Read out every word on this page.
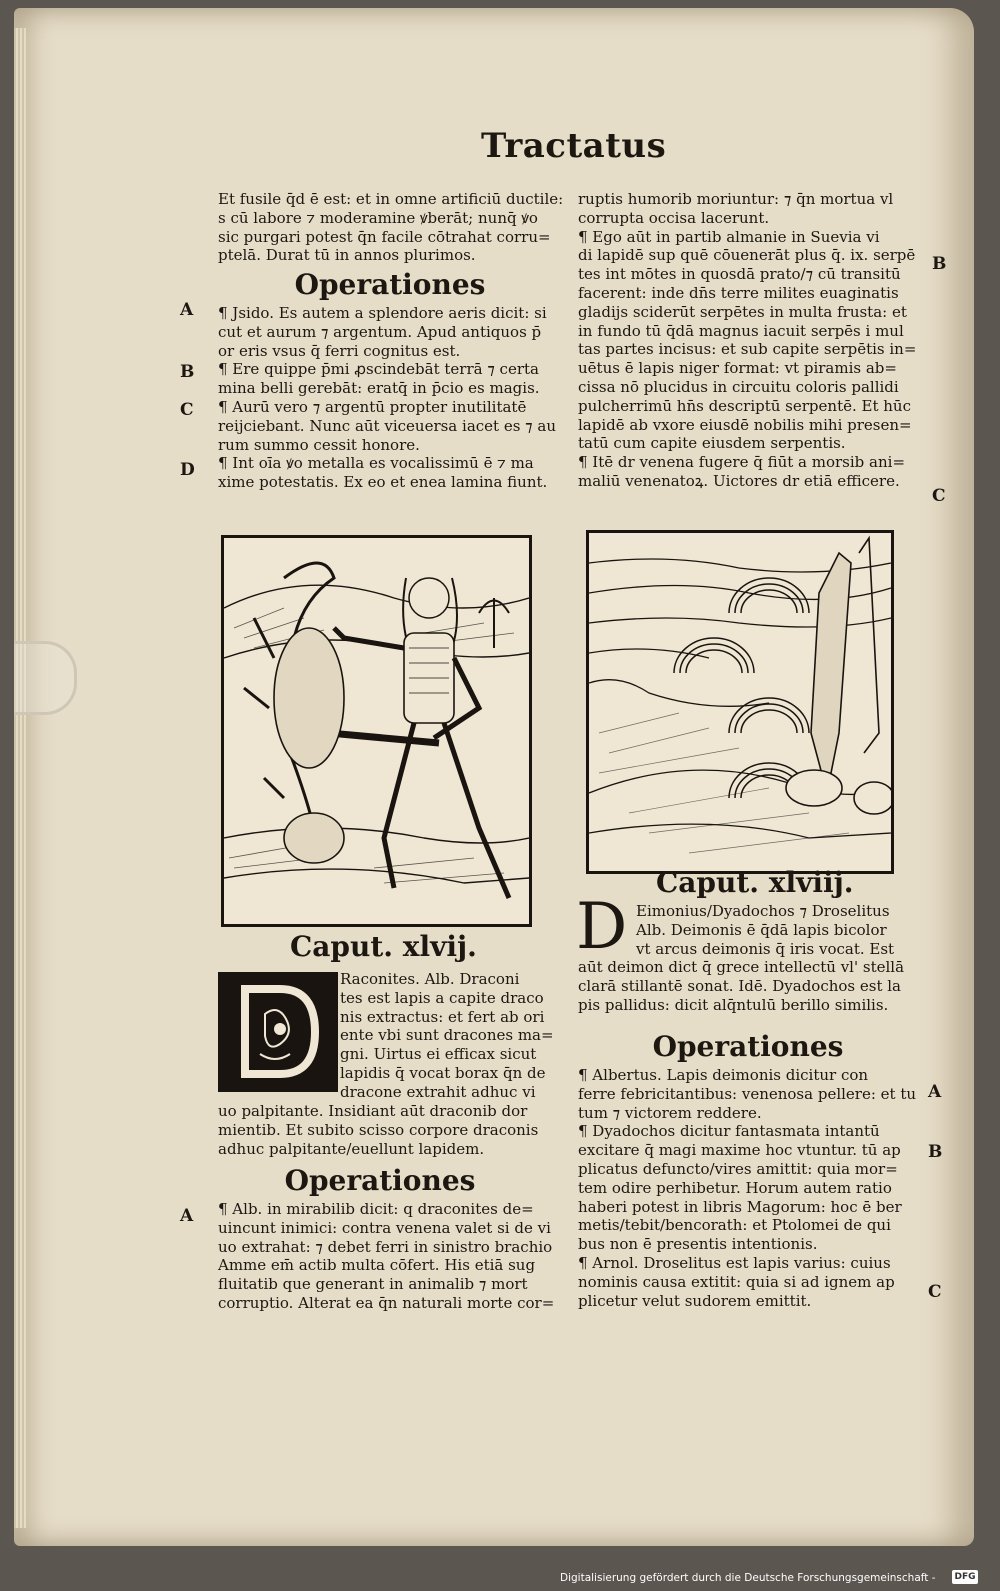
Tractatus

Et fusile q̄d ē est: et in omne artificiū ductile:

s cū labore ⁊ moderamine ꝟberāt; nunq̄ ꝟo

sic purgari potest q̄n facile cōtrahat corru=

ptelā. Durat tū in annos plurimos.

Operationes

¶ Jsido. Es autem a splendore aeris dicit: si

cut et aurum ⁊ argentum. Apud antiquos p̄

or eris vsus q̄ ferri cognitus est.

¶ Ere quippe p̄mi ꝓscindebāt terrā ⁊ certa

mina belli gerebāt: eratq̄ in p̄cio es magis.

¶ Aurū vero ⁊ argentū propter inutilitatē

reijciebant. Nunc aūt viceuersa iacet es ⁊ au

rum summo cessit honore.

¶ Int oīa ꝟo metalla es vocalissimū ē ⁊ ma

xime potestatis. Ex eo et enea lamina fiunt.

ruptis humorib moriuntur: ⁊ q̄n mortua vl

corrupta occisa lacerunt.

¶ Ego aūt in partib almanie in Suevia vi

di lapidē sup quē cōuenerāt plus q̄. ix. serpē

tes int mōtes in quosdā prato/⁊ cū transitū

facerent: inde dn̄s terre milites euaginatis

gladijs sciderūt serpētes in multa frusta: et

in fundo tū q̄dā magnus iacuit serpēs i mul

tas partes incisus: et sub capite serpētis in=

uētus ē lapis niger format: vt piramis ab=

cissa nō plucidus in circuitu coloris pallidi

pulcherrimū hn̄s descriptū serpentē. Et hūc

lapidē ab vxore eiusdē nobilis mihi presen=

tatū cum capite eiusdem serpentis.

¶ Itē dr venena fugere q̄ fiūt a morsib ani=

maliū venenatoꝝ. Uictores dr etiā efficere.

Caput. xlvij.

Raconites. Alb. Draconi

tes est lapis a capite draco

nis extractus: et fert ab ori

ente vbi sunt dracones ma=

gni. Uirtus ei efficax sicut

lapidis q̄ vocat borax q̄n de

dracone extrahit adhuc vi

uo palpitante. Insidiant aūt draconib dor

mientib. Et subito scisso corpore draconis

adhuc palpitante/euellunt lapidem.

Operationes

¶ Alb. in mirabilib dicit: q draconites de=

uincunt inimici: contra venena valet si de vi

uo extrahat: ⁊ debet ferri in sinistro brachio

Amme em̄ actib multa cōfert. His etiā sug

fluitatib que generant in animalib ⁊ mort

corruptio. Alterat ea q̄n naturali morte cor=

Caput. xlviij.
D Eimonius/Dyadochos ⁊ Droselitus

Alb. Deimonis ē q̄dā lapis bicolor

vt arcus deimonis q̄ iris vocat. Est

aūt deimon dict q̄ grece intellectū vl' stellā

clarā stillantē sonat. Idē. Dyadochos est la

pis pallidus: dicit alq̄ntulū berillo similis.

Operationes

¶ Albertus. Lapis deimonis dicitur con

ferre febricitantibus: venenosa pellere: et tu

tum ⁊ victorem reddere.

¶ Dyadochos dicitur fantasmata intantū

excitare q̄ magi maxime hoc vtuntur. tū ap

plicatus defuncto/vires amittit: quia mor=

tem odire perhibetur. Horum autem ratio

haberi potest in libris Magorum: hoc ē ber

metis/tebit/bencorath: et Ptolomei de qui

bus non ē presentis intentionis.

¶ Arnol. Droselitus est lapis varius: cuius

nominis causa extitit: quia si ad ignem ap

plicetur velut sudorem emittit.

A
B
C
D
B
C
A
A
B
C
Digitalisierung gefördert durch die Deutsche Forschungsgemeinschaft - DFG
